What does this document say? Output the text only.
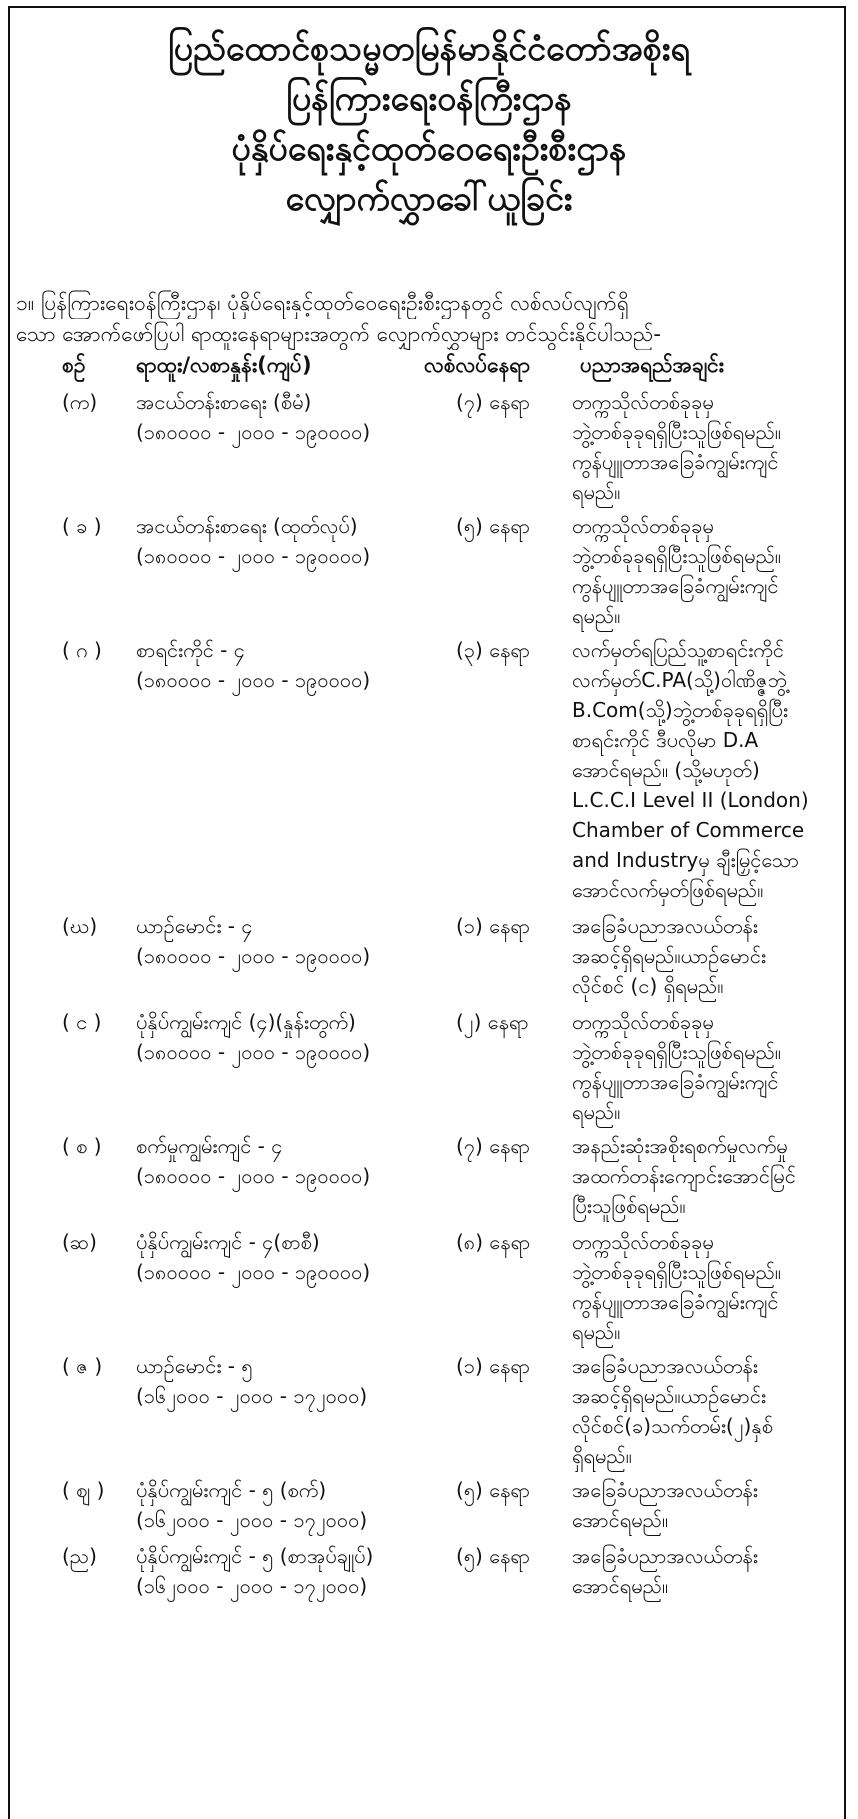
ပြည်ထောင်စုသမ္မတမြန်မာနိုင်ငံတော်အစိုးရ
ပြန်ကြားရေးဝန်ကြီးဌာန
ပုံနှိပ်ရေးနှင့်ထုတ်ဝေရေးဦးစီးဌာန
လျှောက်လွှာခေါ်ယူခြင်း
၁။ ပြန်ကြားရေးဝန်ကြီးဌာန၊ ပုံနှိပ်ရေးနှင့်ထုတ်ဝေရေးဦးစီးဌာနတွင် လစ်လပ်လျက်ရှိ
သော အောက်ဖော်ပြပါ ရာထူးနေရာများအတွက် လျှောက်လွှာများ တင်သွင်းနိုင်ပါသည်-
စဉ် ရာထူး/လစာနှုန်း(ကျပ်)	လစ်လပ်နေရာ ပညာအရည်အချင်း
(က)	အငယ်တန်းစာရေး (စီမံ)
(၁၈၀၀၀၀ - ၂၀၀၀ - ၁၉၀၀၀၀)
(၇) နေရာ တက္ကသိုလ်တစ်ခုခုမှ
ဘွဲ့တစ်ခုခုရရှိပြီးသူဖြစ်ရမည်။
ကွန်ပျူတာအခြေခံကျွမ်းကျင်
ရမည်။
( ခ )	အငယ်တန်းစာရေး (ထုတ်လုပ်)
(၁၈၀၀၀၀ - ၂၀၀၀ - ၁၉၀၀၀၀)
(၅) နေရာ တက္ကသိုလ်တစ်ခုခုမှ
ဘွဲ့တစ်ခုခုရရှိပြီးသူဖြစ်ရမည်။
ကွန်ပျူတာအခြေခံကျွမ်းကျင်
ရမည်။
( ဂ )	စာရင်းကိုင် - ၄
(၁၈၀၀၀၀ - ၂၀၀၀ - ၁၉၀၀၀၀)
(၃) နေရာ လက်မှတ်ရပြည်သူ့စာရင်းကိုင်
လက်မှတ်C.PA(သို့)ဝါဏိဇ္ဇဘွဲ့
B.Com(သို့)ဘွဲ့တစ်ခုခုရရှိပြီး
စာရင်းကိုင် ဒီပလိုမာ D.A
အောင်ရမည်။ (သို့မဟုတ်)
L.C.C.I Level II (London)
Chamber of Commerce
and Industryမှ ချီးမြှင့်သော
အောင်လက်မှတ်ဖြစ်ရမည်။
(ဃ)	ယာဉ်မောင်း - ၄
(၁၈၀၀၀၀ - ၂၀၀၀ - ၁၉၀၀၀၀)
(၁) နေရာ အခြေခံပညာအလယ်တန်း
အဆင့်ရှိရမည်။ယာဉ်မောင်း
လိုင်စင် (င) ရှိရမည်။
( င )	ပုံနှိပ်ကျွမ်းကျင် (၄)(နှုန်းတွက်)
(၁၈၀၀၀၀ - ၂၀၀၀ - ၁၉၀၀၀၀)
(၂) နေရာ တက္ကသိုလ်တစ်ခုခုမှ
ဘွဲ့တစ်ခုခုရရှိပြီးသူဖြစ်ရမည်။
ကွန်ပျူတာအခြေခံကျွမ်းကျင်
ရမည်။
( စ )	စက်မှုကျွမ်းကျင် - ၄
(၁၈၀၀၀၀ - ၂၀၀၀ - ၁၉၀၀၀၀)
(၇) နေရာ အနည်းဆုံးအစိုးရစက်မှုလက်မှု
အထက်တန်းကျောင်းအောင်မြင်
ပြီးသူဖြစ်ရမည်။
(ဆ)	ပုံနှိပ်ကျွမ်းကျင် - ၄(စာစီ)
(၁၈၀၀၀၀ - ၂၀၀၀ - ၁၉၀၀၀၀)
(၈) နေရာ တက္ကသိုလ်တစ်ခုခုမှ
ဘွဲ့တစ်ခုခုရရှိပြီးသူဖြစ်ရမည်။
ကွန်ပျူတာအခြေခံကျွမ်းကျင်
ရမည်။
( ဇ )	ယာဉ်မောင်း - ၅
(၁၆၂၀၀၀ - ၂၀၀၀ - ၁၇၂၀၀၀)
(၁) နေရာ အခြေခံပညာအလယ်တန်း
အဆင့်ရှိရမည်။ယာဉ်မောင်း
လိုင်စင်(ခ)သက်တမ်း(၂)နှစ်
ရှိရမည်။
( ဈ )	ပုံနှိပ်ကျွမ်းကျင် - ၅ (စက်)
(၁၆၂၀၀၀ - ၂၀၀၀ - ၁၇၂၀၀၀)
(၅) နေရာ အခြေခံပညာအလယ်တန်း
အောင်ရမည်။
(ည)	ပုံနှိပ်ကျွမ်းကျင် - ၅ (စာအုပ်ချုပ်)
(၁၆၂၀၀၀ - ၂၀၀၀ - ၁၇၂၀၀၀)
(၅) နေရာ အခြေခံပညာအလယ်တန်း
အောင်ရမည်။
